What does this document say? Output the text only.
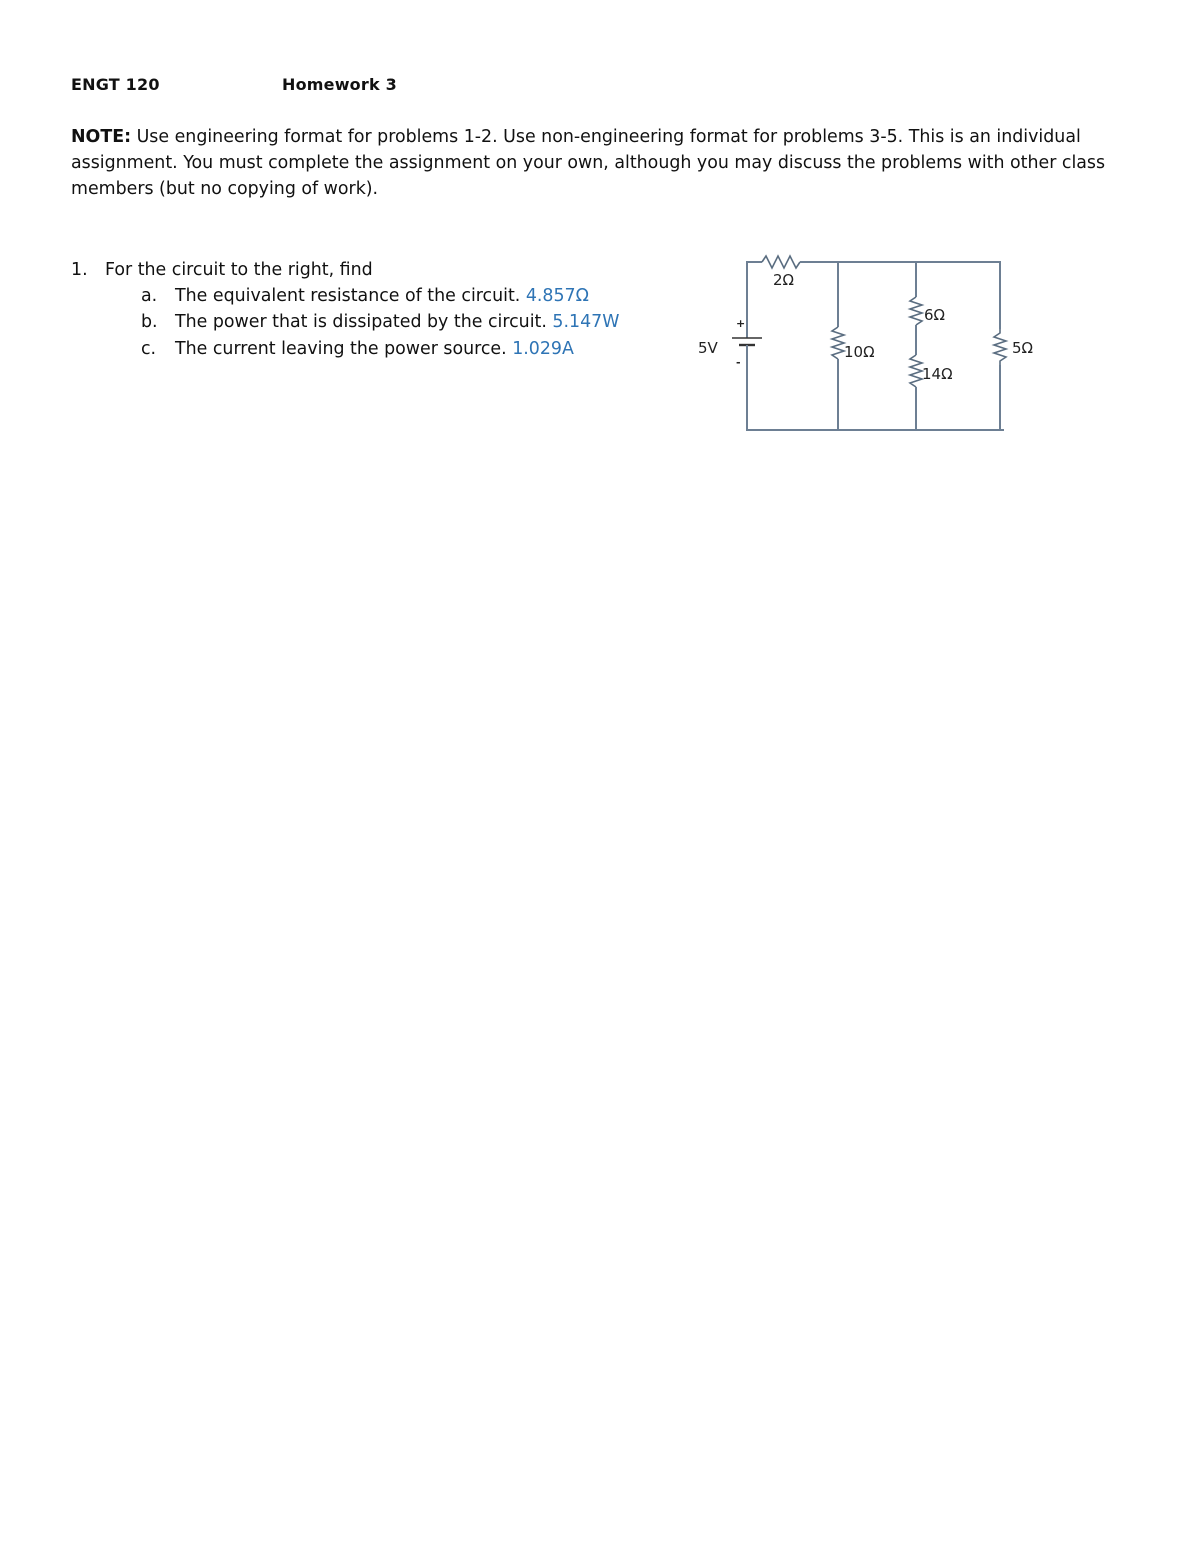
ENGT 120	Homework 3
NOTE: Use engineering format for problems 1-2. Use non-engineering format for problems 3-5. This is an individual assignment. You must complete the assignment on your own, although you may discuss the problems with other class members (but no copying of work).
1. For the circuit to the right, find
a. The equivalent resistance of the circuit. 4.857Ω
b. The power that is dissipated by the circuit. 5.147W
c. The current leaving the power source. 1.029A
+
-
5V
2Ω
10Ω
6Ω
14Ω
5Ω
